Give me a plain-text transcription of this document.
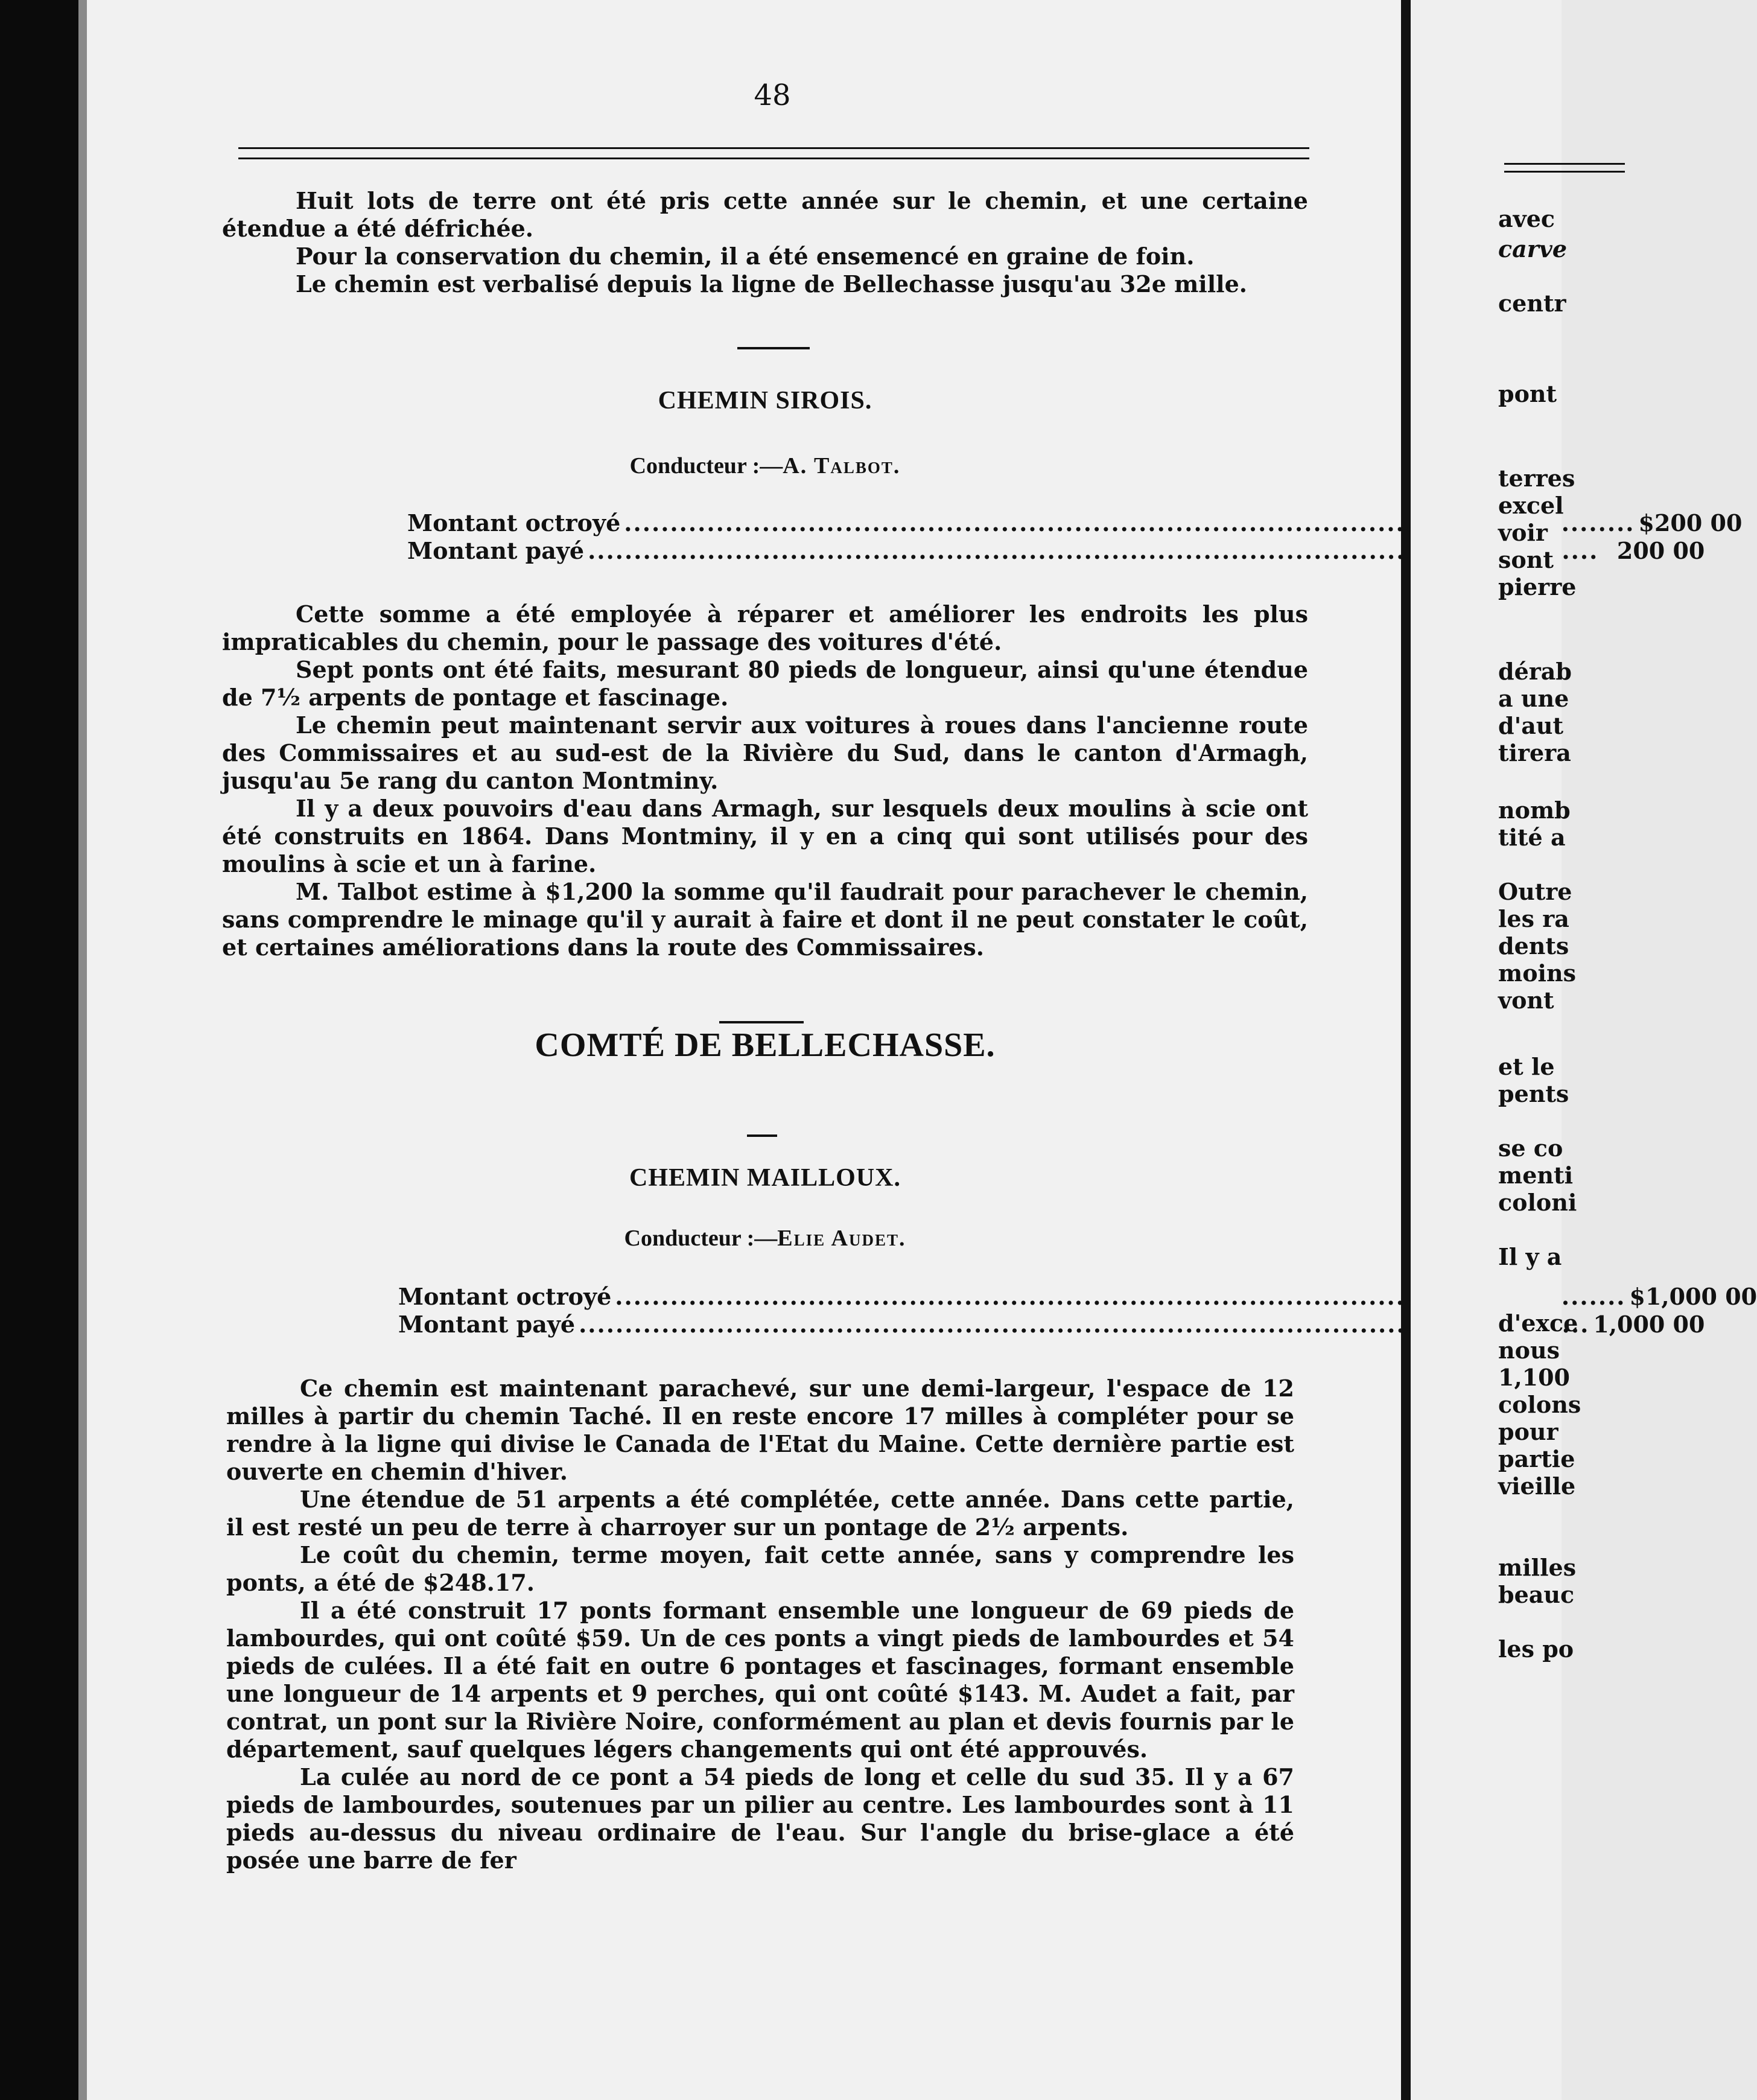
48

Huit lots de terre ont été pris cette année sur le chemin, et une certaine étendue a été défrichée.

Pour la conservation du chemin, il a été ensemencé en graine de foin.

Le chemin est verbalisé depuis la ligne de Bellechasse jusqu'au 32e mille.

CHEMIN SIROIS.
Conducteur :—A. Talbot.
Montant octroyé .....	$200 00
Montant payé .....	200 00

Cette somme a été employée à réparer et améliorer les endroits les plus impraticables du chemin, pour le passage des voitures d'été.

Sept ponts ont été faits, mesurant 80 pieds de longueur, ainsi qu'une étendue de 7½ arpents de pontage et fascinage.

Le chemin peut maintenant servir aux voitures à roues dans l'ancienne route des Commissaires et au sud-est de la Rivière du Sud, dans le canton d'Armagh, jusqu'au 5e rang du canton Montminy.

Il y a deux pouvoirs d'eau dans Armagh, sur lesquels deux moulins à scie ont été construits en 1864. Dans Montminy, il y en a cinq qui sont utilisés pour des moulins à scie et un à farine.

M. Talbot estime à $1,200 la somme qu'il faudrait pour parachever le chemin, sans comprendre le minage qu'il y aurait à faire et dont il ne peut constater le coût, et certaines améliorations dans la route des Commissaires.

COMTÉ DE BELLECHASSE.
CHEMIN MAILLOUX.
Conducteur :—Elie Audet.
Montant octroyé .....	$1,000 00
Montant payé .....	1,000 00

Ce chemin est maintenant parachevé, sur une demi-largeur, l'espace de 12 milles à partir du chemin Taché. Il en reste encore 17 milles à compléter pour se rendre à la ligne qui divise le Canada de l'Etat du Maine. Cette dernière partie est ouverte en chemin d'hiver.

Une étendue de 51 arpents a été complétée, cette année. Dans cette partie, il est resté un peu de terre à charroyer sur un pontage de 2½ arpents.

Le coût du chemin, terme moyen, fait cette année, sans y comprendre les ponts, a été de $248.17.

Il a été construit 17 ponts formant ensemble une longueur de 69 pieds de lambourdes, qui ont coûté $59. Un de ces ponts a vingt pieds de lambourdes et 54 pieds de culées. Il a été fait en outre 6 pontages et fascinages, formant ensemble une longueur de 14 arpents et 9 perches, qui ont coûté $143. M. Audet a fait, par contrat, un pont sur la Rivière Noire, conformément au plan et devis fournis par le département, sauf quelques légers changements qui ont été approuvés.

La culée au nord de ce pont a 54 pieds de long et celle du sud 35. Il y a 67 pieds de lambourdes, soutenues par un pilier au centre. Les lambourdes sont à 11 pieds au-dessus du niveau ordinaire de l'eau. Sur l'angle du brise-glace a été posée une barre de fer

avec
carve
centr
pont
terres
excel
voir
sont
pierre
dérab
a une
d'aut
tirera
nomb
tité a
Outre
les ra
dents
moins
vont
et le
pents
se co
menti
coloni
Il y a
d'exce
nous
1,100
colons
pour
partie
vieille
milles
beauc
les po
